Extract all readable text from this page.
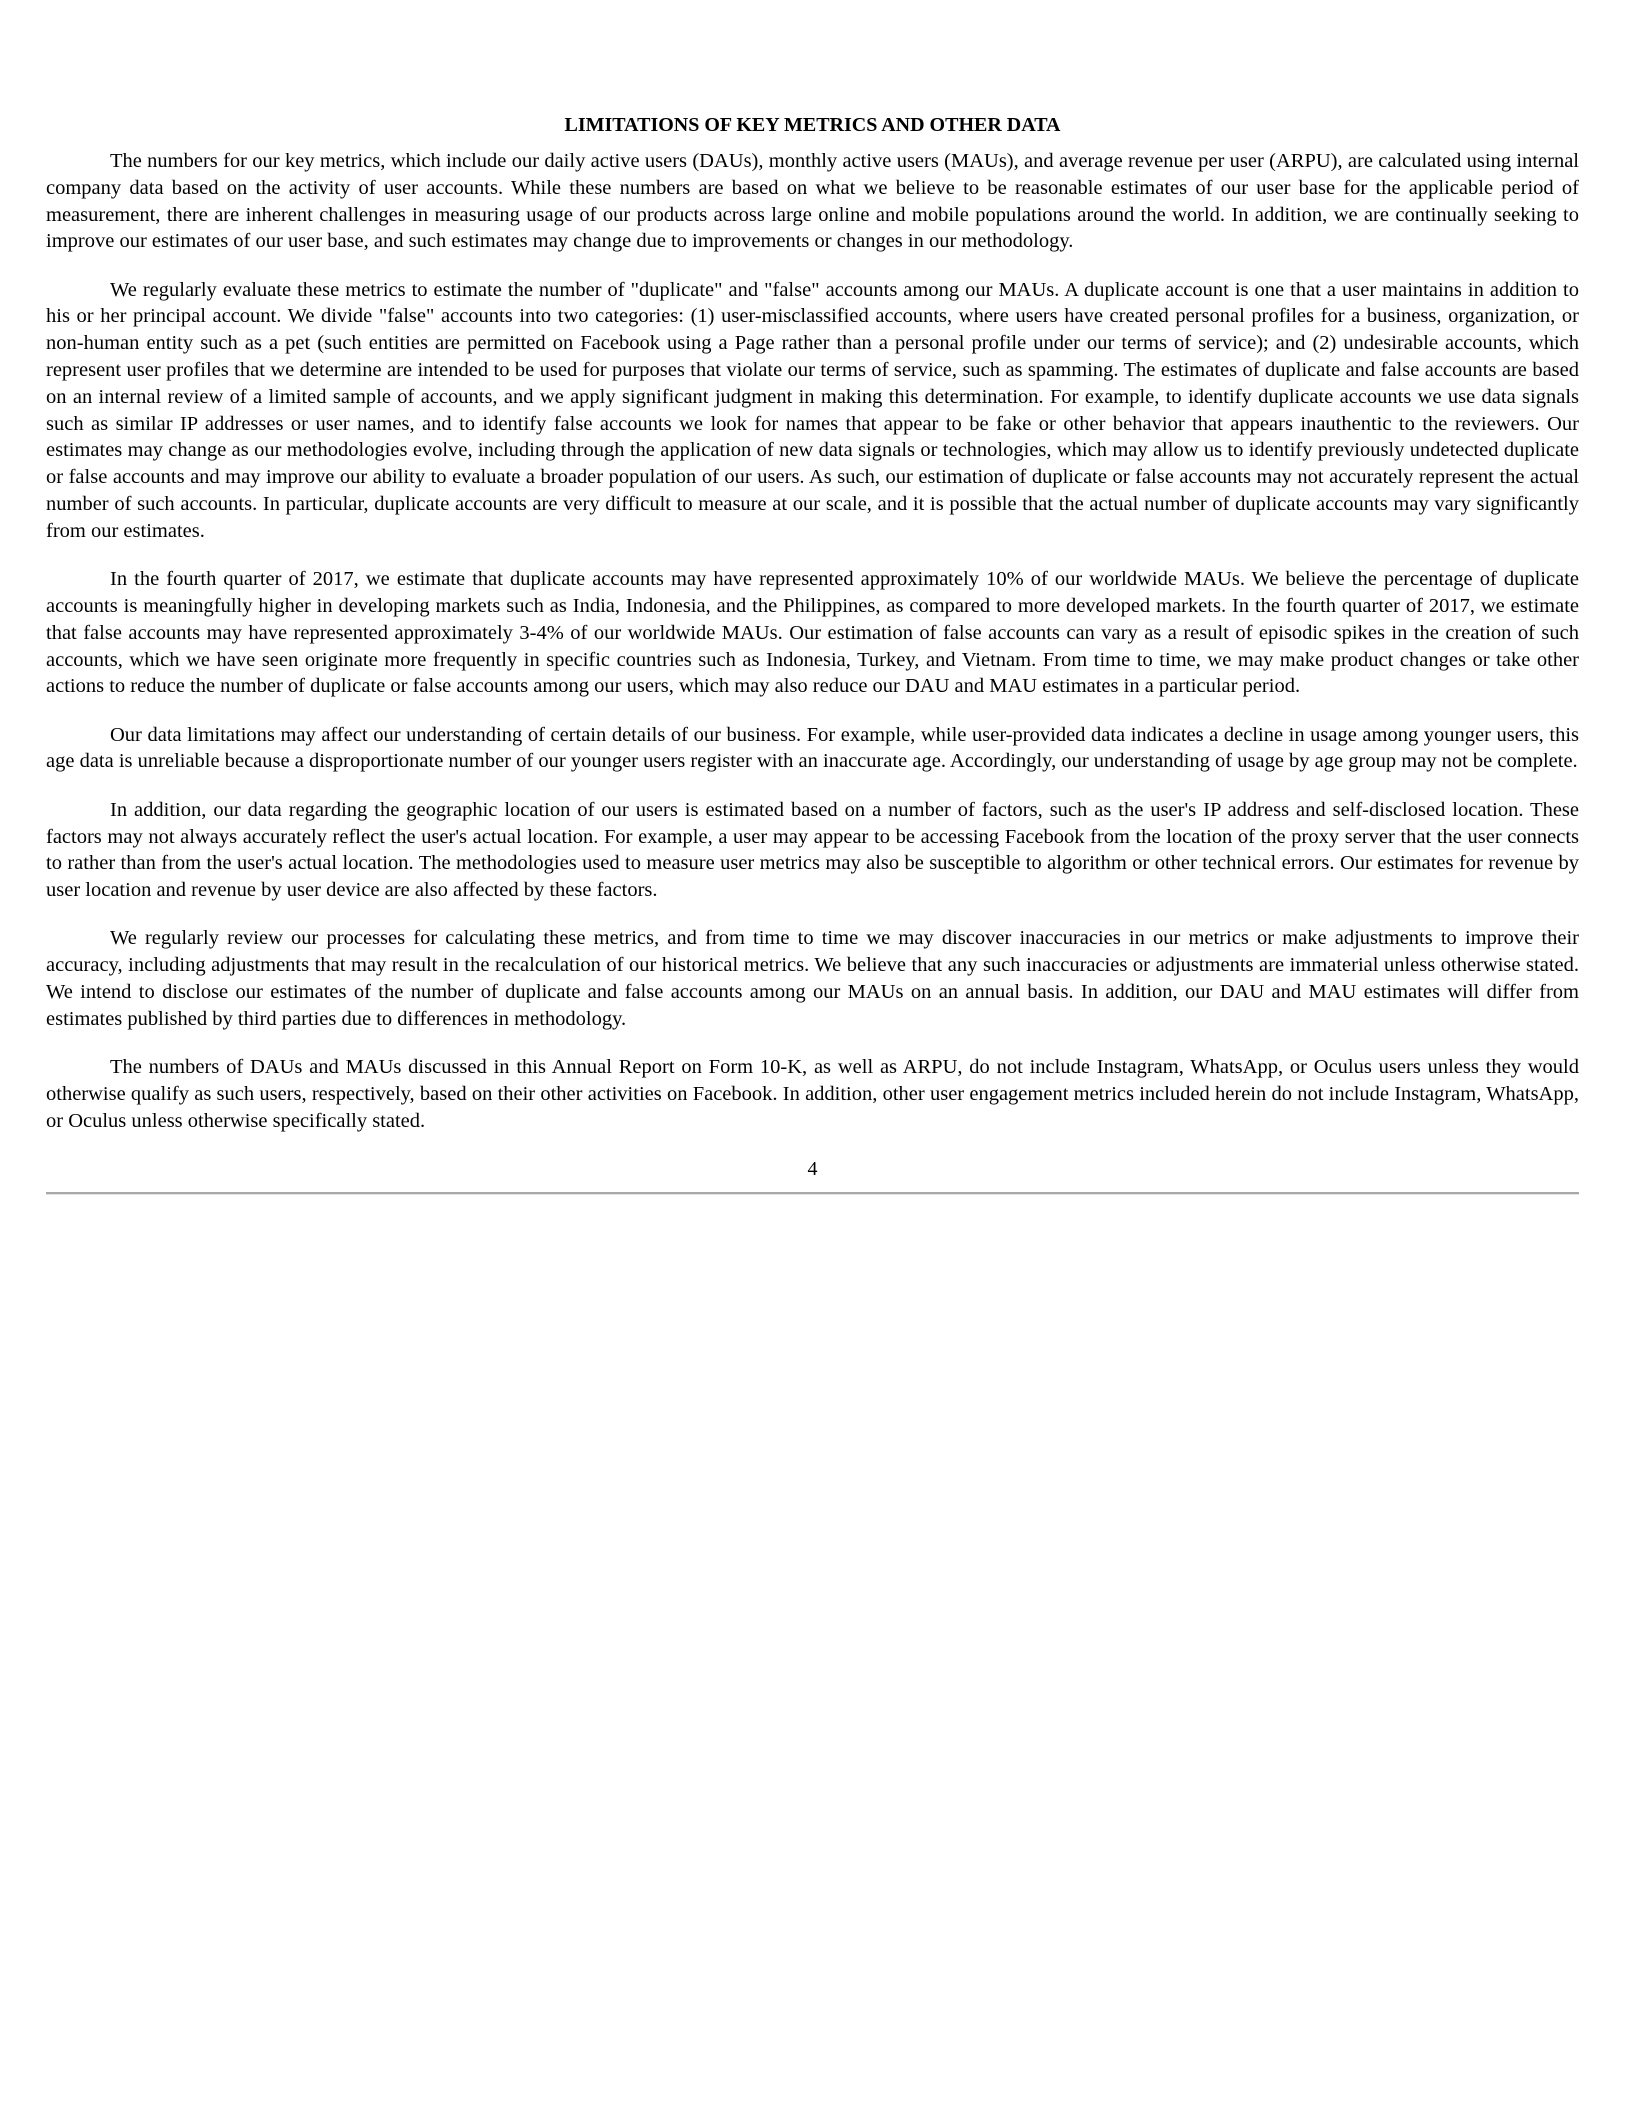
LIMITATIONS OF KEY METRICS AND OTHER DATA

The numbers for our key metrics, which include our daily active users (DAUs), monthly active users (MAUs), and average revenue per user (ARPU), are calculated using internal company data based on the activity of user accounts. While these numbers are based on what we believe to be reasonable estimates of our user base for the applicable period of measurement, there are inherent challenges in measuring usage of our products across large online and mobile populations around the world. In addition, we are continually seeking to improve our estimates of our user base, and such estimates may change due to improvements or changes in our methodology.

We regularly evaluate these metrics to estimate the number of "duplicate" and "false" accounts among our MAUs. A duplicate account is one that a user maintains in addition to his or her principal account. We divide "false" accounts into two categories: (1) user-misclassified accounts, where users have created personal profiles for a business, organization, or non-human entity such as a pet (such entities are permitted on Facebook using a Page rather than a personal profile under our terms of service); and (2) undesirable accounts, which represent user profiles that we determine are intended to be used for purposes that violate our terms of service, such as spamming. The estimates of duplicate and false accounts are based on an internal review of a limited sample of accounts, and we apply significant judgment in making this determination. For example, to identify duplicate accounts we use data signals such as similar IP addresses or user names, and to identify false accounts we look for names that appear to be fake or other behavior that appears inauthentic to the reviewers. Our estimates may change as our methodologies evolve, including through the application of new data signals or technologies, which may allow us to identify previously undetected duplicate or false accounts and may improve our ability to evaluate a broader population of our users. As such, our estimation of duplicate or false accounts may not accurately represent the actual number of such accounts. In particular, duplicate accounts are very difficult to measure at our scale, and it is possible that the actual number of duplicate accounts may vary significantly from our estimates.

In the fourth quarter of 2017, we estimate that duplicate accounts may have represented approximately 10% of our worldwide MAUs. We believe the percentage of duplicate accounts is meaningfully higher in developing markets such as India, Indonesia, and the Philippines, as compared to more developed markets. In the fourth quarter of 2017, we estimate that false accounts may have represented approximately 3-4% of our worldwide MAUs. Our estimation of false accounts can vary as a result of episodic spikes in the creation of such accounts, which we have seen originate more frequently in specific countries such as Indonesia, Turkey, and Vietnam. From time to time, we may make product changes or take other actions to reduce the number of duplicate or false accounts among our users, which may also reduce our DAU and MAU estimates in a particular period.

Our data limitations may affect our understanding of certain details of our business. For example, while user-provided data indicates a decline in usage among younger users, this age data is unreliable because a disproportionate number of our younger users register with an inaccurate age. Accordingly, our understanding of usage by age group may not be complete.

In addition, our data regarding the geographic location of our users is estimated based on a number of factors, such as the user's IP address and self-disclosed location. These factors may not always accurately reflect the user's actual location. For example, a user may appear to be accessing Facebook from the location of the proxy server that the user connects to rather than from the user's actual location. The methodologies used to measure user metrics may also be susceptible to algorithm or other technical errors. Our estimates for revenue by user location and revenue by user device are also affected by these factors.

We regularly review our processes for calculating these metrics, and from time to time we may discover inaccuracies in our metrics or make adjustments to improve their accuracy, including adjustments that may result in the recalculation of our historical metrics. We believe that any such inaccuracies or adjustments are immaterial unless otherwise stated. We intend to disclose our estimates of the number of duplicate and false accounts among our MAUs on an annual basis. In addition, our DAU and MAU estimates will differ from estimates published by third parties due to differences in methodology.

The numbers of DAUs and MAUs discussed in this Annual Report on Form 10-K, as well as ARPU, do not include Instagram, WhatsApp, or Oculus users unless they would otherwise qualify as such users, respectively, based on their other activities on Facebook. In addition, other user engagement metrics included herein do not include Instagram, WhatsApp, or Oculus unless otherwise specifically stated.

4
